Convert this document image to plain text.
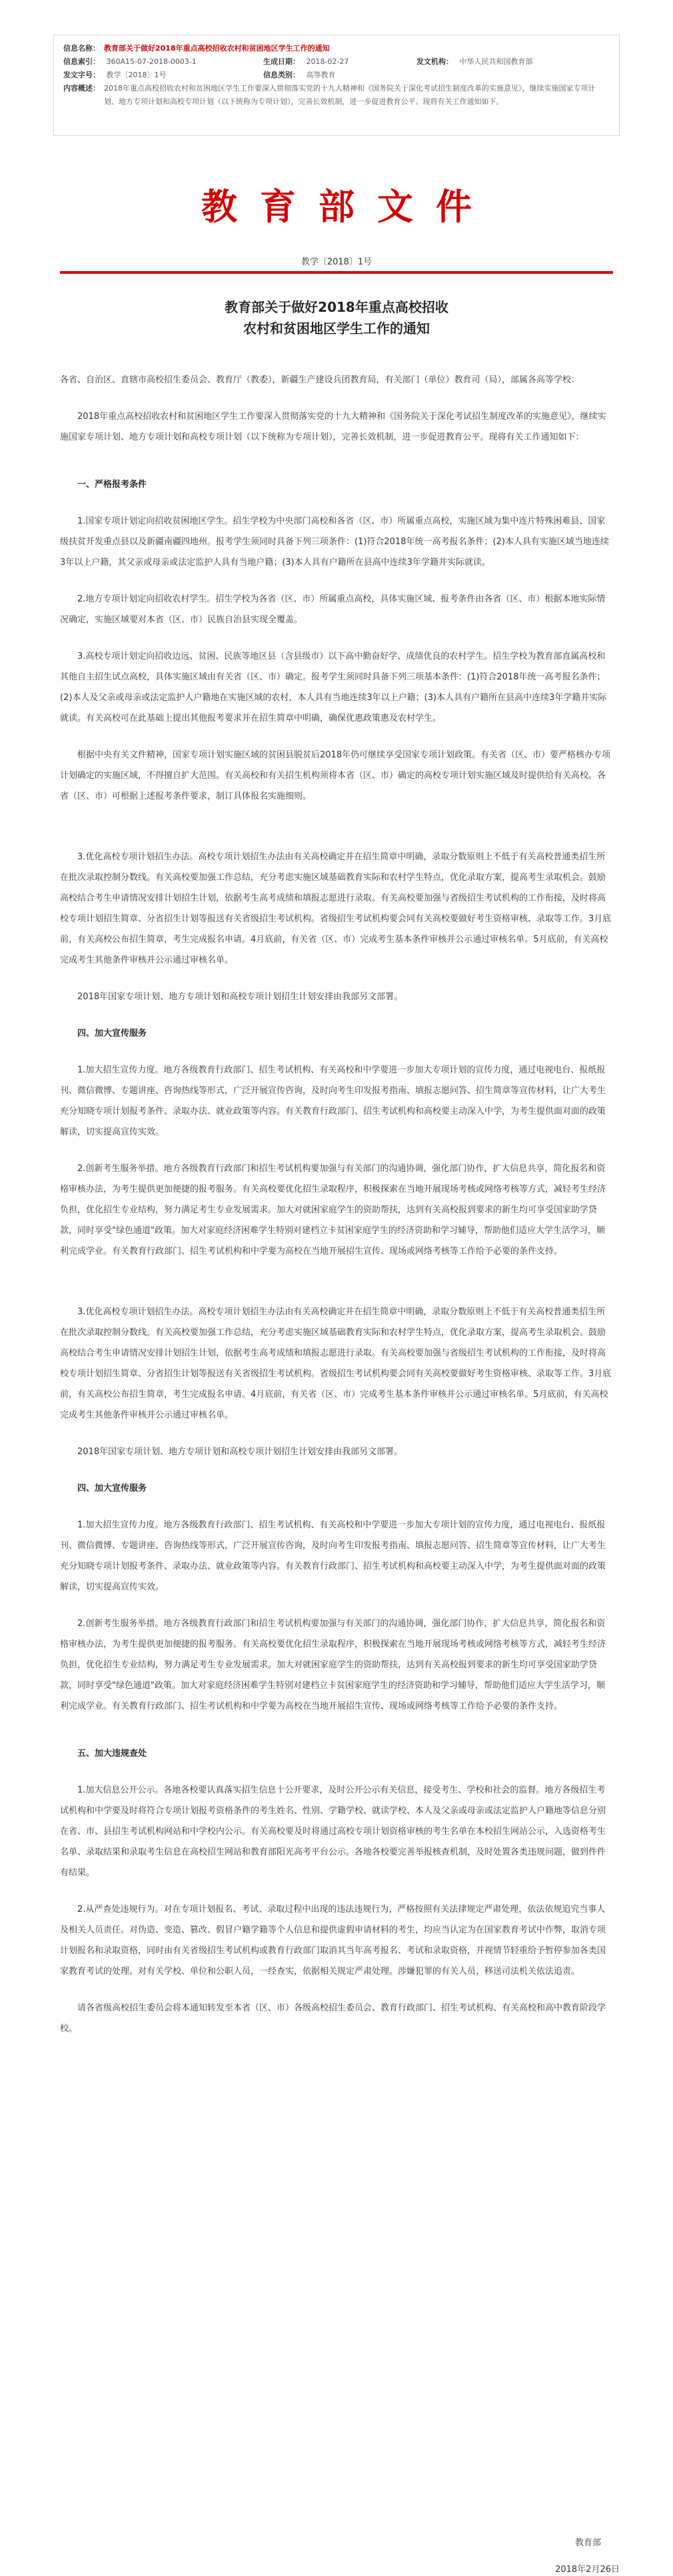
信息名称： 教育部关于做好2018年重点高校招收农村和贫困地区学生工作的通知
信息索引： 360A15-07-2018-0003-1	生成日期： 2018-02-27	发文机构： 中华人民共和国教育部
发文字号： 教学〔2018〕1号	信息类别： 高等教育
内容概述： 2018年重点高校招收农村和贫困地区学生工作要深入贯彻落实党的十九大精神和《国务院关于深化考试招生制度改革的实施意见》，继续实施国家专项计划、地方专项计划和高校专项计划（以下统称为专项计划），完善长效机制，进一步促进教育公平。现将有关工作通知如下。
教育部文件
教学〔2018〕1号
教育部关于做好2018年重点高校招收
农村和贫困地区学生工作的通知

各省、自治区、直辖市高校招生委员会、教育厅（教委），新疆生产建设兵团教育局，有关部门（单位）教育司（局），部属各高等学校：

2018年重点高校招收农村和贫困地区学生工作要深入贯彻落实党的十九大精神和《国务院关于深化考试招生制度改革的实施意见》，继续实施国家专项计划、地方专项计划和高校专项计划（以下统称为专项计划），完善长效机制，进一步促进教育公平。现将有关工作通知如下：

一、严格报考条件

1.国家专项计划定向招收贫困地区学生。招生学校为中央部门高校和各省（区、市）所属重点高校，实施区域为集中连片特殊困难县、国家级扶贫开发重点县以及新疆南疆四地州。报考学生须同时具备下列三项条件：(1)符合2018年统一高考报名条件；(2)本人具有实施区域当地连续3年以上户籍，其父亲或母亲或法定监护人具有当地户籍；(3)本人具有户籍所在县高中连续3年学籍并实际就读。

2.地方专项计划定向招收农村学生。招生学校为各省（区、市）所属重点高校，具体实施区域、报考条件由各省（区、市）根据本地实际情况确定，实施区域要对本省（区、市）民族自治县实现全覆盖。

3.高校专项计划定向招收边远、贫困、民族等地区县（含县级市）以下高中勤奋好学、成绩优良的农村学生。招生学校为教育部直属高校和其他自主招生试点高校，具体实施区域由有关省（区、市）确定。报考学生须同时具备下列三项基本条件：(1)符合2018年统一高考报名条件；(2)本人及父亲或母亲或法定监护人户籍地在实施区域的农村，本人具有当地连续3年以上户籍；(3)本人具有户籍所在县高中连续3年学籍并实际就读。有关高校可在此基础上提出其他报考要求并在招生简章中明确，确保优惠政策惠及农村学生。

根据中央有关文件精神，国家专项计划实施区域的贫困县脱贫后2018年仍可继续享受国家专项计划政策。有关省（区、市）要严格核办专项计划确定的实施区域，不得擅自扩大范围。有关高校和有关招生机构须将本省（区、市）确定的高校专项计划实施区域及时提供给有关高校。各省（区、市）可根据上述报考条件要求，制订具体报名实施细则。

3.优化高校专项计划招生办法。高校专项计划招生办法由有关高校确定并在招生简章中明确，录取分数原则上不低于有关高校普通类招生所在批次录取控制分数线。有关高校要加强工作总结，充分考虑实施区域基础教育实际和农村学生特点，优化录取方案，提高考生录取机会。鼓励高校结合考生申请情况安排计划招生计划，依据考生高考成绩和填报志愿进行录取。有关高校要加强与省级招生考试机构的工作衔接，及时将高校专项计划招生简章、分省招生计划等报送有关省级招生考试机构。省级招生考试机构要会同有关高校要做好考生资格审核、录取等工作。3月底前，有关高校公布招生简章，考生完成报名申请。4月底前，有关省（区、市）完成考生基本条件审核并公示通过审核名单。5月底前，有关高校完成考生其他条件审核并公示通过审核名单。

2018年国家专项计划、地方专项计划和高校专项计划招生计划安排由我部另文部署。

四、加大宣传服务

1.加大招生宣传力度。地方各级教育行政部门、招生考试机构、有关高校和中学要进一步加大专项计划的宣传力度，通过电视电台、报纸报刊、微信微博、专题讲座、咨询热线等形式，广泛开展宣传咨询，及时向考生印发报考指南、填报志愿问答、招生简章等宣传材料，让广大考生充分知晓专项计划报考条件、录取办法、就业政策等内容。有关教育行政部门、招生考试机构和高校要主动深入中学，为考生提供面对面的政策解读，切实提高宣传实效。

2.创新考生服务举措。地方各级教育行政部门和招生考试机构要加强与有关部门的沟通协调，强化部门协作，扩大信息共享，简化报名和资格审核办法，为考生提供更加便捷的报考服务。有关高校要优化招生录取程序，积极探索在当地开展现场考核或网络考核等方式，减轻考生经济负担，优化招生专业结构，努力满足考生专业发展需求。加大对就困家庭学生的资助帮扶，达到有关高校报到要求的新生均可享受国家助学贷款，同时享受"绿色通道"政策。加大对家庭经济困难学生特别对建档立卡贫困家庭学生的经济资助和学习辅导，帮助他们适应大学生活学习，顺利完成学业。有关教育行政部门、招生考试机构和中学要为高校在当地开展招生宣传、现场或网络考核等工作给予必要的条件支持。

3.优化高校专项计划招生办法。高校专项计划招生办法由有关高校确定并在招生简章中明确，录取分数原则上不低于有关高校普通类招生所在批次录取控制分数线。有关高校要加强工作总结，充分考虑实施区域基础教育实际和农村学生特点，优化录取方案，提高考生录取机会。鼓励高校结合考生申请情况安排计划招生计划，依据考生高考成绩和填报志愿进行录取。有关高校要加强与省级招生考试机构的工作衔接，及时将高校专项计划招生简章、分省招生计划等报送有关省级招生考试机构。省级招生考试机构要会同有关高校要做好考生资格审核、录取等工作。3月底前，有关高校公布招生简章，考生完成报名申请。4月底前，有关省（区、市）完成考生基本条件审核并公示通过审核名单。5月底前，有关高校完成考生其他条件审核并公示通过审核名单。

2018年国家专项计划、地方专项计划和高校专项计划招生计划安排由我部另文部署。

四、加大宣传服务

1.加大招生宣传力度。地方各级教育行政部门、招生考试机构、有关高校和中学要进一步加大专项计划的宣传力度，通过电视电台、报纸报刊、微信微博、专题讲座、咨询热线等形式，广泛开展宣传咨询，及时向考生印发报考指南、填报志愿问答、招生简章等宣传材料，让广大考生充分知晓专项计划报考条件、录取办法、就业政策等内容。有关教育行政部门、招生考试机构和高校要主动深入中学，为考生提供面对面的政策解读，切实提高宣传实效。

2.创新考生服务举措。地方各级教育行政部门和招生考试机构要加强与有关部门的沟通协调，强化部门协作，扩大信息共享，简化报名和资格审核办法，为考生提供更加便捷的报考服务。有关高校要优化招生录取程序，积极探索在当地开展现场考核或网络考核等方式，减轻考生经济负担，优化招生专业结构，努力满足考生专业发展需求。加大对就困家庭学生的资助帮扶，达到有关高校报到要求的新生均可享受国家助学贷款，同时享受"绿色通道"政策。加大对家庭经济困难学生特别对建档立卡贫困家庭学生的经济资助和学习辅导，帮助他们适应大学生活学习，顺利完成学业。有关教育行政部门、招生考试机构和中学要为高校在当地开展招生宣传、现场或网络考核等工作给予必要的条件支持。

五、加大违规查处

1.加大信息公开公示。各地各校要认真落实招生信息十公开要求，及时公开公示有关信息，接受考生、学校和社会的监督。地方各级招生考试机构和中学要及时将符合专项计划报考资格条件的考生姓名、性别、学籍学校、就读学校、本人及父亲或母亲或法定监护人户籍地等信息分别在省、市、县招生考试机构网站和中学校内公示。有关高校要及时将通过高校专项计划资格审核的考生名单在本校招生网站公示，入选资格考生名单、录取结果和录取考生信息在高校招生网站和教育部阳光高考平台公示。各地各校要完善举报核查机制，及时处置各类违规问题，做到件件有结果。

2.从严查处违规行为。对在专项计划报名、考试、录取过程中出现的违法违规行为，严格按照有关法律规定严肃处理，依法依规追究当事人及相关人员责任。对伪造、变造、篡改、假冒户籍学籍等个人信息和提供虚假申请材料的考生，均应当认定为在国家教育考试中作弊，取消专项计划报名和录取资格，同时由有关省级招生考试机构或教育行政部门取消其当年高考报名、考试和录取资格，并视情节轻重给予暂停参加各类国家教育考试的处理。对有关学校、单位和公职人员，一经查实，依据相关规定严肃处理。涉嫌犯罪的有关人员，移送司法机关依法追责。

请各省级高校招生委员会将本通知转发至本省（区、市）各级高校招生委员会、教育行政部门、招生考试机构、有关高校和高中教育阶段学校。

教育部
2018年2月26日
